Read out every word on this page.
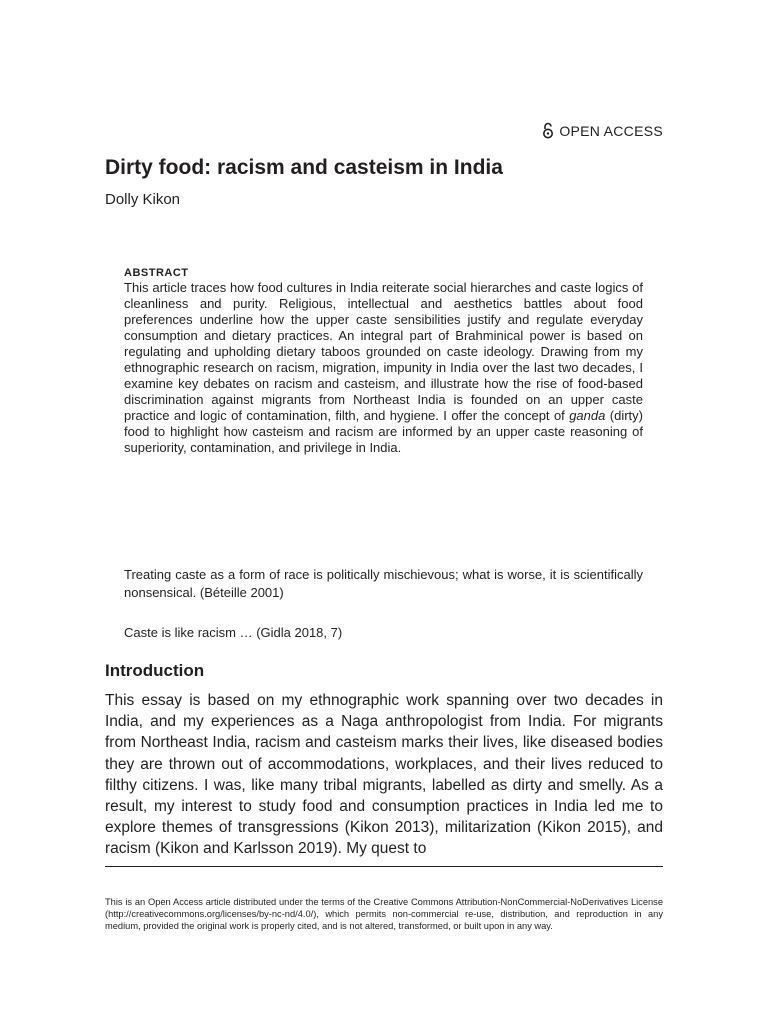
OPEN ACCESS
Dirty food: racism and casteism in India
Dolly Kikon
ABSTRACT

This article traces how food cultures in India reiterate social hierarches and caste logics of cleanliness and purity. Religious, intellectual and aesthetics battles about food preferences underline how the upper caste sensibilities justify and regulate everyday consumption and dietary practices. An integral part of Brahminical power is based on regulating and upholding dietary taboos grounded on caste ideology. Drawing from my ethnographic research on racism, migration, impunity in India over the last two decades, I examine key debates on racism and casteism, and illustrate how the rise of food-based discrimination against migrants from Northeast India is founded on an upper caste practice and logic of contamination, filth, and hygiene. I offer the concept of ganda (dirty) food to highlight how casteism and racism are informed by an upper caste reasoning of superiority, contamination, and privilege in India.

Treating caste as a form of race is politically mischievous; what is worse, it is scientifically nonsensical. (Béteille 2001)

Caste is like racism … (Gidla 2018, 7)

Introduction

This essay is based on my ethnographic work spanning over two decades in India, and my experiences as a Naga anthropologist from India. For migrants from Northeast India, racism and casteism marks their lives, like diseased bodies they are thrown out of accommodations, workplaces, and their lives reduced to filthy citizens. I was, like many tribal migrants, labelled as dirty and smelly. As a result, my interest to study food and consumption practices in India led me to explore themes of transgressions (Kikon 2013), militarization (Kikon 2015), and racism (Kikon and Karlsson 2019). My quest to

This is an Open Access article distributed under the terms of the Creative Commons Attribution-NonCommercial-NoDerivatives License (http://creativecommons.org/licenses/by-nc-nd/4.0/), which permits non-commercial re-use, distribution, and reproduction in any medium, provided the original work is properly cited, and is not altered, transformed, or built upon in any way.
